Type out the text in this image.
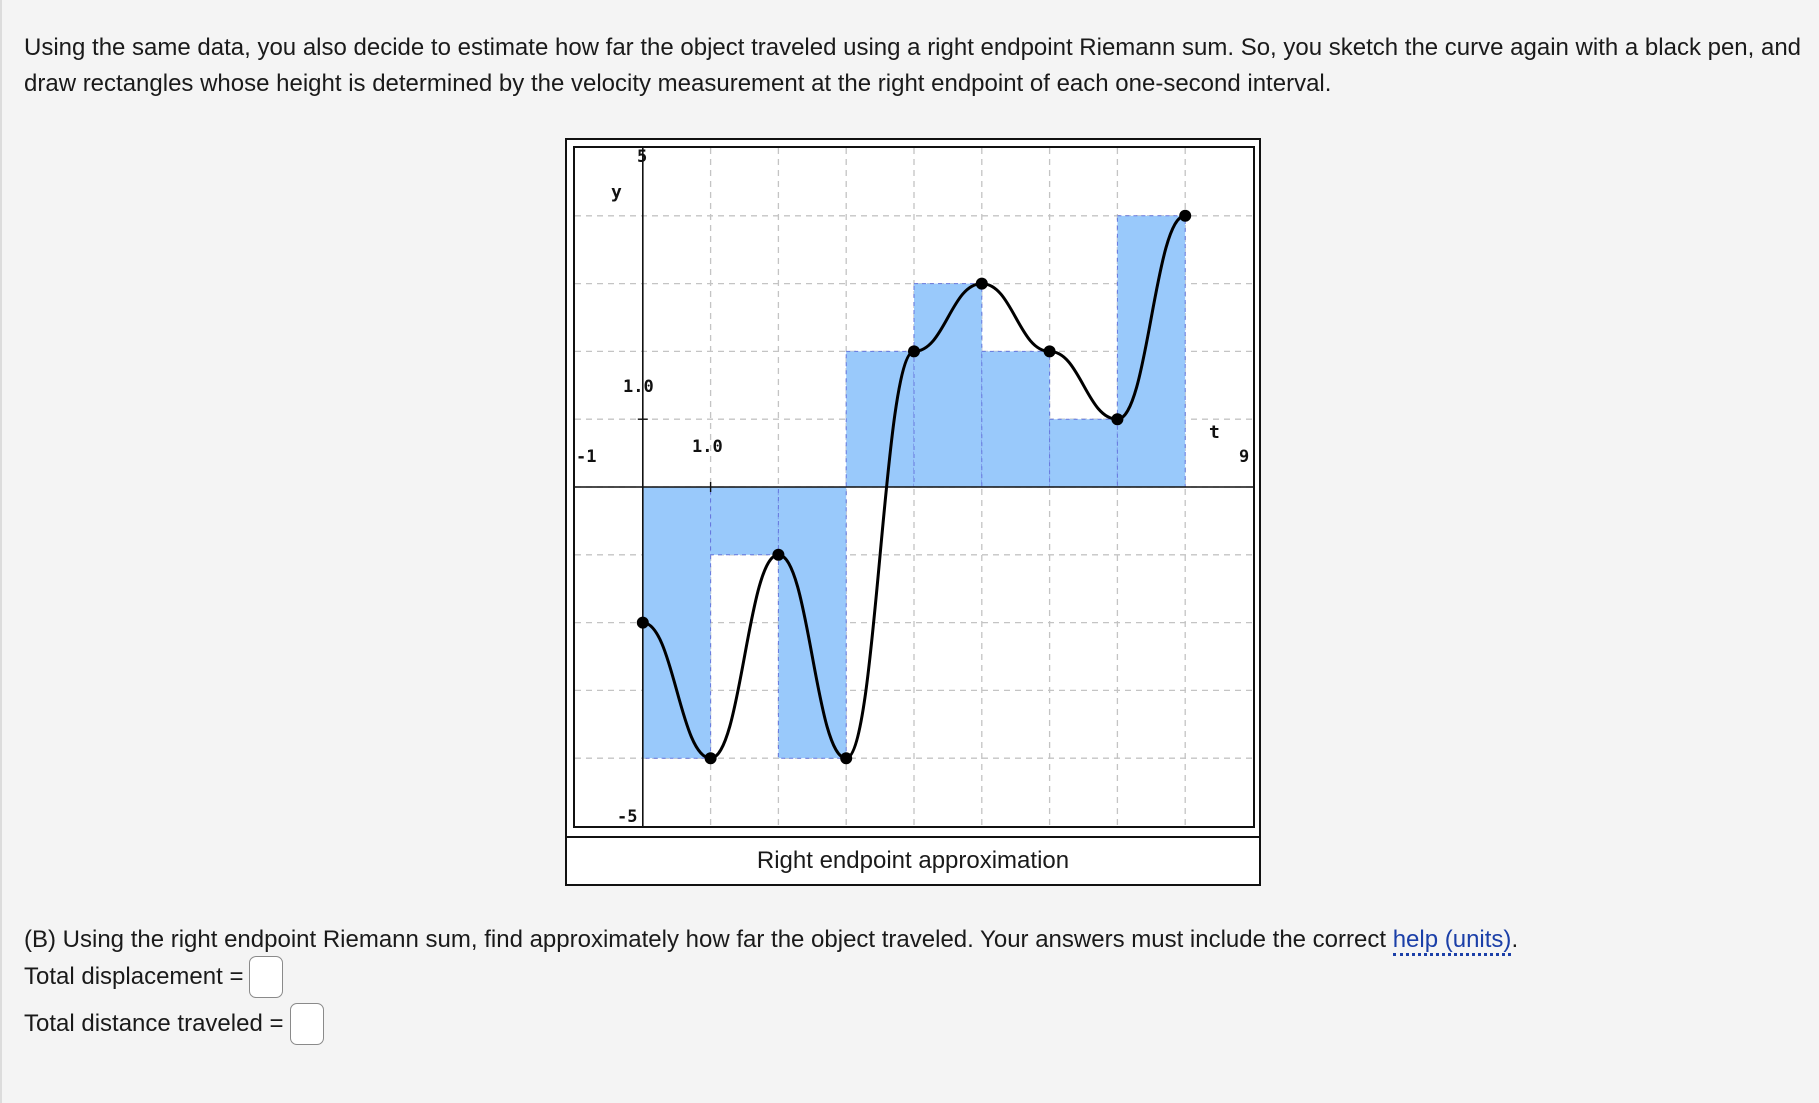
Using the same data, you also decide to estimate how far the object traveled using a right endpoint Riemann sum. So, you sketch the curve again with a black pen, and draw rectangles whose height is determined by the velocity measurement at the right endpoint of each one-second interval.

y
t
5
-5
1.0
1.0
-1	9
Right endpoint approximation

(B) Using the right endpoint Riemann sum, find approximately how far the object traveled. Your answers must include the correct help (units).

Total displacement =
Total distance traveled =
